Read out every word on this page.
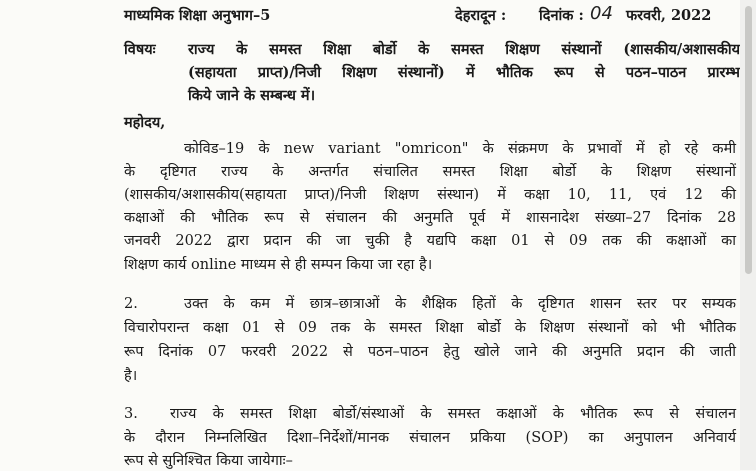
माध्यमिक शिक्षा अनुभाग–5	देहरादून : दिनांक : 04 फरवरी, 2022
विषयः राज्य के समस्त शिक्षा बोर्डो के समस्त शिक्षण संस्थानों (शासकीय/अशासकीय
(सहायता प्राप्त)/निजी शिक्षण संस्थानों) में भौतिक रूप से पठन–पाठन प्रारम्भ
किये जाने के सम्बन्ध में।
महोदय,
कोविड–19 के new variant "omricon" के संक्रमण के प्रभावों में हो रहे कमी
के दृष्टिगत राज्य के अन्तर्गत संचालित समस्त शिक्षा बोर्डो के शिक्षण संस्थानों
(शासकीय/अशासकीय(सहायता प्राप्त)/निजी शिक्षण संस्थान) में कक्षा 10, 11, एवं 12 की
कक्षाओं की भौतिक रूप से संचालन की अनुमति पूर्व में शासनादेश संख्या–27 दिनांक 28
जनवरी 2022 द्वारा प्रदान की जा चुकी है यद्यपि कक्षा 01 से 09 तक की कक्षाओं का
शिक्षण कार्य online माध्यम से ही सम्पन किया जा रहा है।
2.	उक्त के कम में छात्र–छात्राओं के शैक्षिक हितों के दृष्टिगत शासन स्तर पर सम्यक
विचारोपरान्त कक्षा 01 से 09 तक के समस्त शिक्षा बोर्डो के शिक्षण संस्थानों को भी भौतिक
रूप दिनांक 07 फरवरी 2022 से पठन–पाठन हेतु खोले जाने की अनुमति प्रदान की जाती
है।
3. राज्य के समस्त शिक्षा बोर्डो/संस्थाओं के समस्त कक्षाओं के भौतिक रूप से संचालन
के दौरान निम्नलिखित दिशा–निर्देशों/मानक संचालन प्रकिया (SOP) का अनुपालन अनिवार्य
रूप से सुनिश्चित किया जायेगाः–
